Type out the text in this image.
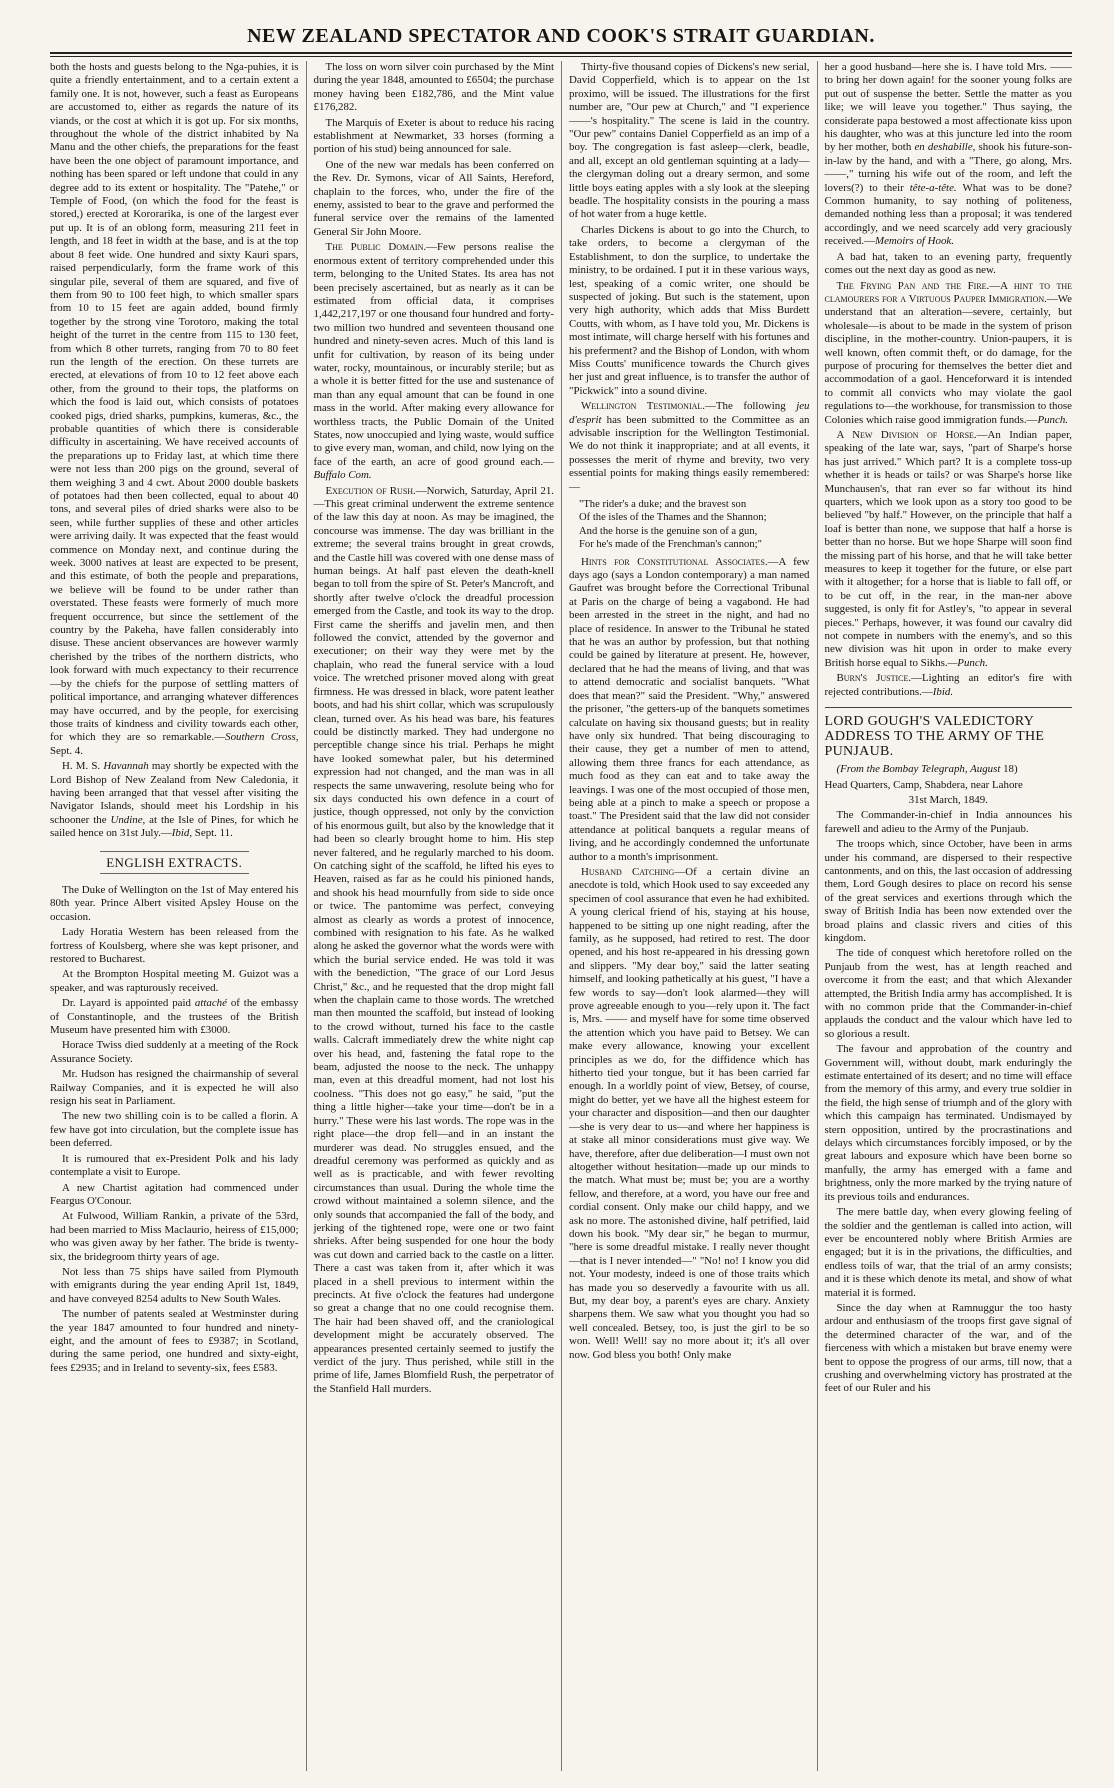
NEW ZEALAND SPECTATOR AND COOK'S STRAIT GUARDIAN.

both the hosts and guests belong to the Nga-puhies, it is quite a friendly entertainment, and to a certain extent a family one. It is not, however, such a feast as Europeans are accustomed to, either as regards the nature of its viands, or the cost at which it is got up. For six months, throughout the whole of the district inhabited by Na Manu and the other chiefs, the preparations for the feast have been the one object of paramount importance, and nothing has been spared or left undone that could in any degree add to its extent or hospitality. The "Patehe," or Temple of Food, (on which the food for the feast is stored,) erected at Kororarika, is one of the largest ever put up. It is of an oblong form, measuring 211 feet in length, and 18 feet in width at the base, and is at the top about 8 feet wide. One hundred and sixty Kauri spars, raised perpendicularly, form the frame work of this singular pile, several of them are squared, and five of them from 90 to 100 feet high, to which smaller spars from 10 to 15 feet are again added, bound firmly together by the strong vine Torotoro, making the total height of the turret in the centre from 115 to 130 feet, from which 8 other turrets, ranging from 70 to 80 feet run the length of the erection. On these turrets are erected, at elevations of from 10 to 12 feet above each other, from the ground to their tops, the platforms on which the food is laid out, which consists of potatoes cooked pigs, dried sharks, pumpkins, kumeras, &c., the probable quantities of which there is considerable difficulty in ascertaining. We have received accounts of the preparations up to Friday last, at which time there were not less than 200 pigs on the ground, several of them weighing 3 and 4 cwt. About 2000 double baskets of potatoes had then been collected, equal to about 40 tons, and several piles of dried sharks were also to be seen, while further supplies of these and other articles were arriving daily. It was expected that the feast would commence on Monday next, and continue during the week. 3000 natives at least are expected to be present, and this estimate, of both the people and preparations, we believe will be found to be under rather than overstated. These feasts were formerly of much more frequent occurrence, but since the settlement of the country by the Pakeha, have fallen considerably into disuse. These ancient observances are however warmly cherished by the tribes of the northern districts, who look forward with much expectancy to their recurrence—by the chiefs for the purpose of settling matters of political importance, and arranging whatever differences may have occurred, and by the people, for exercising those traits of kindness and civility towards each other, for which they are so remarkable.—Southern Cross, Sept. 4.

H. M. S. Havannah may shortly be expected with the Lord Bishop of New Zealand from New Caledonia, it having been arranged that that vessel after visiting the Navigator Islands, should meet his Lordship in his schooner the Undine, at the Isle of Pines, for which he sailed hence on 31st July.—Ibid, Sept. 11.

ENGLISH EXTRACTS.

The Duke of Wellington on the 1st of May entered his 80th year. Prince Albert visited Apsley House on the occasion.

Lady Horatia Western has been released from the fortress of Koulsberg, where she was kept prisoner, and restored to Bucharest.

At the Brompton Hospital meeting M. Guizot was a speaker, and was rapturously received.

Dr. Layard is appointed paid attaché of the embassy of Constantinople, and the trustees of the British Museum have presented him with £3000.

Horace Twiss died suddenly at a meeting of the Rock Assurance Society.

Mr. Hudson has resigned the chairmanship of several Railway Companies, and it is expected he will also resign his seat in Parliament.

The new two shilling coin is to be called a florin. A few have got into circulation, but the complete issue has been deferred.

It is rumoured that ex-President Polk and his lady contemplate a visit to Europe.

A new Chartist agitation had commenced under Feargus O'Conour.

At Fulwood, William Rankin, a private of the 53rd, had been married to Miss Maclaurio, heiress of £15,000; who was given away by her father. The bride is twenty-six, the bridegroom thirty years of age.

Not less than 75 ships have sailed from Plymouth with emigrants during the year ending April 1st, 1849, and have conveyed 8254 adults to New South Wales.

The number of patents sealed at Westminster during the year 1847 amounted to four hundred and ninety-eight, and the amount of fees to £9387; in Scotland, during the same period, one hundred and sixty-eight, fees £2935; and in Ireland to seventy-six, fees £583.

The loss on worn silver coin purchased by the Mint during the year 1848, amounted to £6504; the purchase money having been £182,786, and the Mint value £176,282.

The Marquis of Exeter is about to reduce his racing establishment at Newmarket, 33 horses (forming a portion of his stud) being announced for sale.

One of the new war medals has been conferred on the Rev. Dr. Symons, vicar of All Saints, Hereford, chaplain to the forces, who, under the fire of the enemy, assisted to bear to the grave and performed the funeral service over the remains of the lamented General Sir John Moore.

The Public Domain.—Few persons realise the enormous extent of territory comprehended under this term, belonging to the United States. Its area has not been precisely ascertained, but as nearly as it can be estimated from official data, it comprises 1,442,217,197 or one thousand four hundred and forty-two million two hundred and seventeen thousand one hundred and ninety-seven acres. Much of this land is unfit for cultivation, by reason of its being under water, rocky, mountainous, or incurably sterile; but as a whole it is better fitted for the use and sustenance of man than any equal amount that can be found in one mass in the world. After making every allowance for worthless tracts, the Public Domain of the United States, now unoccupied and lying waste, would suffice to give every man, woman, and child, now lying on the face of the earth, an acre of good ground each.—Buffalo Com.

Execution of Rush.—Norwich, Saturday, April 21.—This great criminal underwent the extreme sentence of the law this day at noon. As may be imagined, the concourse was immense. The day was brilliant in the extreme; the several trains brought in great crowds, and the Castle hill was covered with one dense mass of human beings. At half past eleven the death-knell began to toll from the spire of St. Peter's Mancroft, and shortly after twelve o'clock the dreadful procession emerged from the Castle, and took its way to the drop. First came the sheriffs and javelin men, and then followed the convict, attended by the governor and executioner; on their way they were met by the chaplain, who read the funeral service with a loud voice. The wretched prisoner moved along with great firmness. He was dressed in black, wore patent leather boots, and had his shirt collar, which was scrupulously clean, turned over. As his head was bare, his features could be distinctly marked. They had undergone no perceptible change since his trial. Perhaps he might have looked somewhat paler, but his determined expression had not changed, and the man was in all respects the same unwavering, resolute being who for six days conducted his own defence in a court of justice, though oppressed, not only by the conviction of his enormous guilt, but also by the knowledge that it had been so clearly brought home to him. His step never faltered, and he regularly marched to his doom. On catching sight of the scaffold, he lifted his eyes to Heaven, raised as far as he could his pinioned hands, and shook his head mournfully from side to side once or twice. The pantomime was perfect, conveying almost as clearly as words a protest of innocence, combined with resignation to his fate. As he walked along he asked the governor what the words were with which the burial service ended. He was told it was with the benediction, "The grace of our Lord Jesus Christ," &c., and he requested that the drop might fall when the chaplain came to those words. The wretched man then mounted the scaffold, but instead of looking to the crowd without, turned his face to the castle walls. Calcraft immediately drew the white night cap over his head, and, fastening the fatal rope to the beam, adjusted the noose to the neck. The unhappy man, even at this dreadful moment, had not lost his coolness. "This does not go easy," he said, "put the thing a little higher—take your time—don't be in a hurry." These were his last words. The rope was in the right place—the drop fell—and in an instant the murderer was dead. No struggles ensued, and the dreadful ceremony was performed as quickly and as well as is practicable, and with fewer revolting circumstances than usual. During the whole time the crowd without maintained a solemn silence, and the only sounds that accompanied the fall of the body, and jerking of the tightened rope, were one or two faint shrieks. After being suspended for one hour the body was cut down and carried back to the castle on a litter. There a cast was taken from it, after which it was placed in a shell previous to interment within the precincts. At five o'clock the features had undergone so great a change that no one could recognise them. The hair had been shaved off, and the craniological development might be accurately observed. The appearances presented certainly seemed to justify the verdict of the jury. Thus perished, while still in the prime of life, James Blomfield Rush, the perpetrator of the Stanfield Hall murders.

Thirty-five thousand copies of Dickens's new serial, David Copperfield, which is to appear on the 1st proximo, will be issued. The illustrations for the first number are, "Our pew at Church," and "I experience ——'s hospitality." The scene is laid in the country. "Our pew" contains Daniel Copperfield as an imp of a boy. The congregation is fast asleep—clerk, beadle, and all, except an old gentleman squinting at a lady—the clergyman doling out a dreary sermon, and some little boys eating apples with a sly look at the sleeping beadle. The hospitality consists in the pouring a mass of hot water from a huge kettle.

Charles Dickens is about to go into the Church, to take orders, to become a clergyman of the Establishment, to don the surplice, to undertake the ministry, to be ordained. I put it in these various ways, lest, speaking of a comic writer, one should be suspected of joking. But such is the statement, upon very high authority, which adds that Miss Burdett Coutts, with whom, as I have told you, Mr. Dickens is most intimate, will charge herself with his fortunes and his preferment? and the Bishop of London, with whom Miss Coutts' munificence towards the Church gives her just and great influence, is to transfer the author of "Pickwick" into a sound divine.

Wellington Testimonial.—The following jeu d'esprit has been submitted to the Committee as an advisable inscription for the Wellington Testimonial. We do not think it inappropriate; and at all events, it possesses the merit of rhyme and brevity, two very essential points for making things easily remembered:—

"The rider's a duke; and the bravest son
Of the isles of the Thames and the Shannon;
And the horse is the genuine son of a gun,
For he's made of the Frenchman's cannon;"

Hints for Constitutional Associates.—A few days ago (says a London contemporary) a man named Gaufret was brought before the Correctional Tribunal at Paris on the charge of being a vagabond. He had been arrested in the street in the night, and had no place of residence. In answer to the Tribunal he stated that he was an author by profession, but that nothing could be gained by literature at present. He, however, declared that he had the means of living, and that was to attend democratic and socialist banquets. "What does that mean?" said the President. "Why," answered the prisoner, "the getters-up of the banquets sometimes calculate on having six thousand guests; but in reality have only six hundred. That being discouraging to their cause, they get a number of men to attend, allowing them three francs for each attendance, as much food as they can eat and to take away the leavings. I was one of the most occupied of those men, being able at a pinch to make a speech or propose a toast." The President said that the law did not consider attendance at political banquets a regular means of living, and he accordingly condemned the unfortunate author to a month's imprisonment.

Husband Catching—Of a certain divine an anecdote is told, which Hook used to say exceeded any specimen of cool assurance that even he had exhibited. A young clerical friend of his, staying at his house, happened to be sitting up one night reading, after the family, as he supposed, had retired to rest. The door opened, and his host re-appeared in his dressing gown and slippers. "My dear boy," said the latter seating himself, and looking pathetically at his guest, "I have a few words to say—don't look alarmed—they will prove agreeable enough to you—rely upon it. The fact is, Mrs. —— and myself have for some time observed the attention which you have paid to Betsey. We can make every allowance, knowing your excellent principles as we do, for the diffidence which has hitherto tied your tongue, but it has been carried far enough. In a worldly point of view, Betsey, of course, might do better, yet we have all the highest esteem for your character and disposition—and then our daughter—she is very dear to us—and where her happiness is at stake all minor considerations must give way. We have, therefore, after due deliberation—I must own not altogether without hesitation—made up our minds to the match. What must be; must be; you are a worthy fellow, and therefore, at a word, you have our free and cordial consent. Only make our child happy, and we ask no more. The astonished divine, half petrified, laid down his book. "My dear sir," he began to murmur, "here is some dreadful mistake. I really never thought—that is I never intended—" "No! no! I know you did not. Your modesty, indeed is one of those traits which has made you so deservedly a favourite with us all. But, my dear boy, a parent's eyes are chary. Anxiety sharpens them. We saw what you thought you had so well concealed. Betsey, too, is just the girl to be so won. Well! Well! say no more about it; it's all over now. God bless you both! Only make

her a good husband—here she is. I have told Mrs. —— to bring her down again! for the sooner young folks are put out of suspense the better. Settle the matter as you like; we will leave you together." Thus saying, the considerate papa bestowed a most affectionate kiss upon his daughter, who was at this juncture led into the room by her mother, both en deshabille, shook his future-son-in-law by the hand, and with a "There, go along, Mrs. ——," turning his wife out of the room, and left the lovers(?) to their tête-a-tête. What was to be done? Common humanity, to say nothing of politeness, demanded nothing less than a proposal; it was tendered accordingly, and we need scarcely add very graciously received.—Memoirs of Hook.

A bad hat, taken to an evening party, frequently comes out the next day as good as new.

The Frying Pan and the Fire.—A hint to the clamourers for a Virtuous Pauper Immigration.—We understand that an alteration—severe, certainly, but wholesale—is about to be made in the system of prison discipline, in the mother-country. Union-paupers, it is well known, often commit theft, or do damage, for the purpose of procuring for themselves the better diet and accommodation of a gaol. Henceforward it is intended to commit all convicts who may violate the gaol regulations to—the workhouse, for transmission to those Colonies which raise good immigration funds.—Punch.

A New Division of Horse.—An Indian paper, speaking of the late war, says, "part of Sharpe's horse has just arrived." Which part? It is a complete toss-up whether it is heads or tails? or was Sharpe's horse like Munchausen's, that ran ever so far without its hind quarters, which we look upon as a story too good to be believed "by half." However, on the principle that half a loaf is better than none, we suppose that half a horse is better than no horse. But we hope Sharpe will soon find the missing part of his horse, and that he will take better measures to keep it together for the future, or else part with it altogether; for a horse that is liable to fall off, or to be cut off, in the rear, in the man-ner above suggested, is only fit for Astley's, "to appear in several pieces." Perhaps, however, it was found our cavalry did not compete in numbers with the enemy's, and so this new division was hit upon in order to make every British horse equal to Sikhs.—Punch.

Burn's Justice.—Lighting an editor's fire with rejected contributions.—Ibid.

LORD GOUGH'S VALEDICTORY ADDRESS TO THE ARMY OF THE PUNJAUB.

(From the Bombay Telegraph, August 18)

Head Quarters, Camp, Shabdera, near Lahore

31st March, 1849.

The Commander-in-chief in India announces his farewell and adieu to the Army of the Punjaub.

The troops which, since October, have been in arms under his command, are dispersed to their respective cantonments, and on this, the last occasion of addressing them, Lord Gough desires to place on record his sense of the great services and exertions through which the sway of British India has been now extended over the broad plains and classic rivers and cities of this kingdom.

The tide of conquest which heretofore rolled on the Punjaub from the west, has at length reached and overcome it from the east; and that which Alexander attempted, the British India army has accomplished. It is with no common pride that the Commander-in-chief applauds the conduct and the valour which have led to so glorious a result.

The favour and approbation of the country and Government will, without doubt, mark enduringly the estimate entertained of its desert; and no time will efface from the memory of this army, and every true soldier in the field, the high sense of triumph and of the glory with which this campaign has terminated. Undismayed by stern opposition, untired by the procrastinations and delays which circumstances forcibly imposed, or by the great labours and exposure which have been borne so manfully, the army has emerged with a fame and brightness, only the more marked by the trying nature of its previous toils and endurances.

The mere battle day, when every glowing feeling of the soldier and the gentleman is called into action, will ever be encountered nobly where British Armies are engaged; but it is in the privations, the difficulties, and endless toils of war, that the trial of an army consists; and it is these which denote its metal, and show of what material it is formed.

Since the day when at Ramnuggur the too hasty ardour and enthusiasm of the troops first gave signal of the determined character of the war, and of the fierceness with which a mistaken but brave enemy were bent to oppose the progress of our arms, till now, that a crushing and overwhelming victory has prostrated at the feet of our Ruler and his
